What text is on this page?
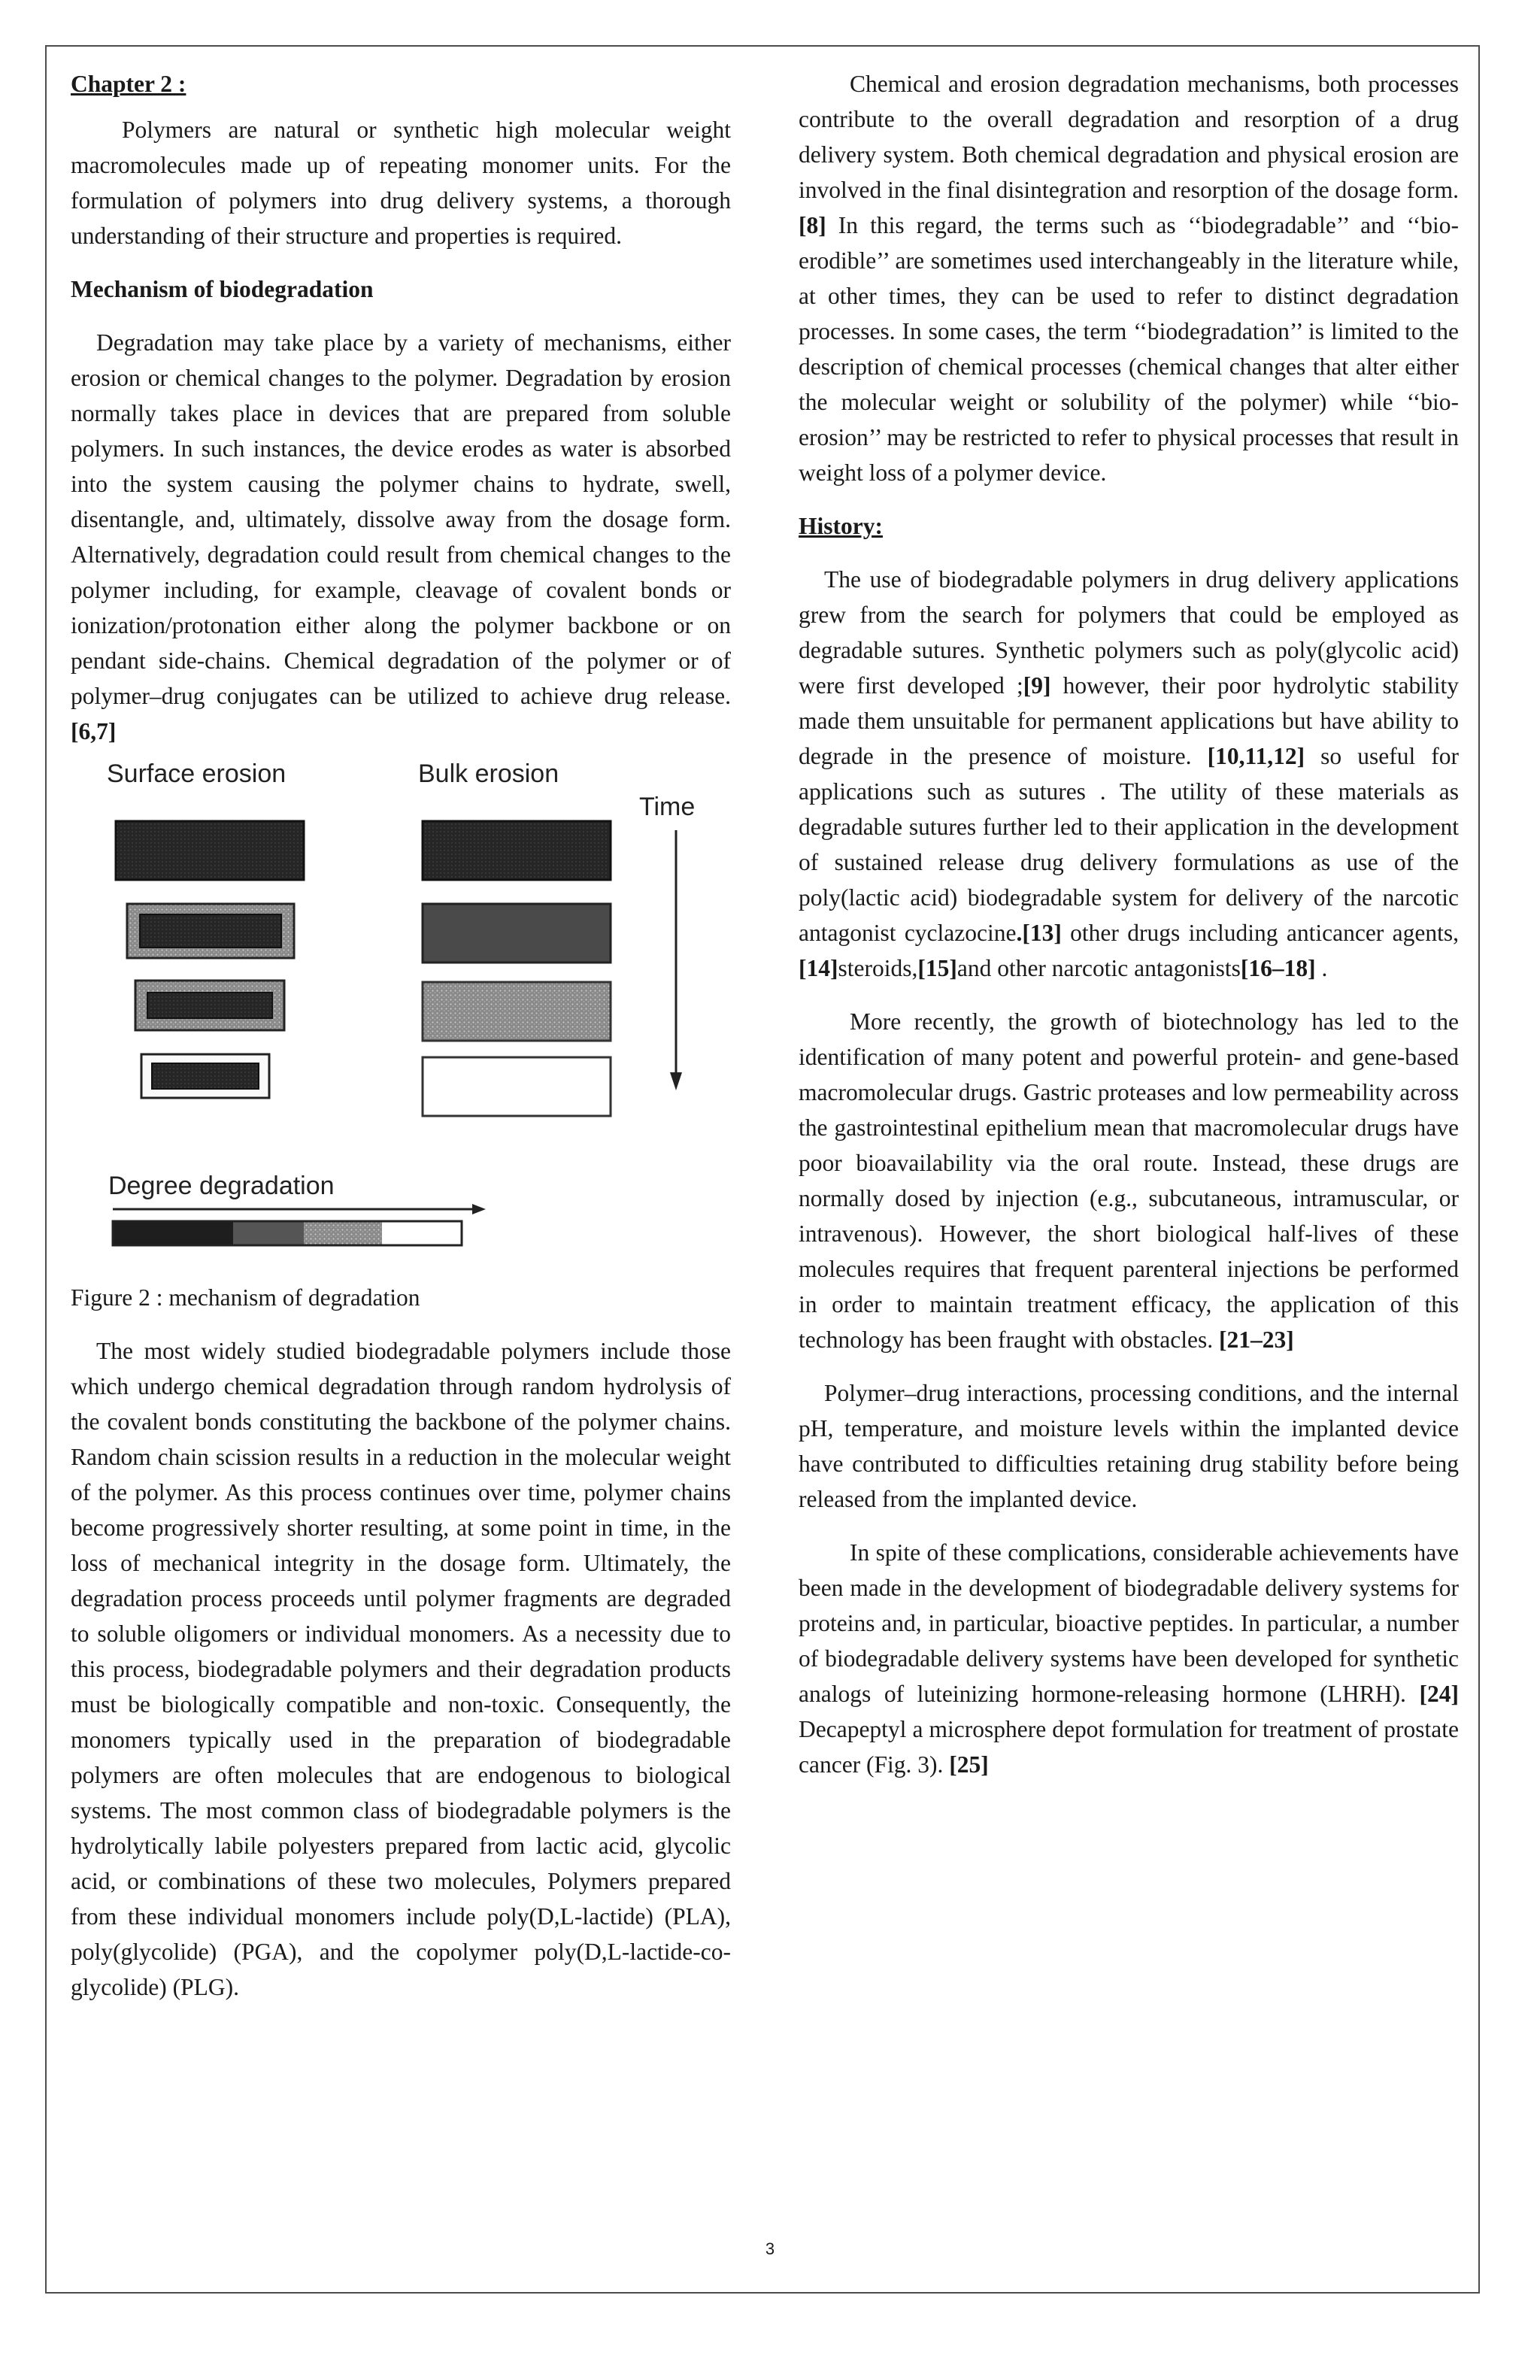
Chapter 2 :

Polymers are natural or synthetic high molecular weight macromolecules made up of repeating monomer units. For the formulation of polymers into drug delivery systems, a thorough understanding of their structure and properties is required.

Mechanism of biodegradation

Degradation may take place by a variety of mechanisms, either erosion or chemical changes to the polymer. Degradation by erosion normally takes place in devices that are prepared from soluble polymers. In such instances, the device erodes as water is absorbed into the system causing the polymer chains to hydrate, swell, disentangle, and, ultimately, dissolve away from the dosage form. Alternatively, degradation could result from chemical changes to the polymer including, for example, cleavage of covalent bonds or ionization/protonation either along the polymer backbone or on pendant side-chains. Chemical degradation of the polymer or of polymer–drug conjugates can be utilized to achieve drug release.[6,7]

Surface erosion	Bulk erosion
Time
Degree degradation

Figure 2 : mechanism of degradation

The most widely studied biodegradable polymers include those which undergo chemical degradation through random hydrolysis of the covalent bonds constituting the backbone of the polymer chains. Random chain scission results in a reduction in the molecular weight of the polymer. As this process continues over time, polymer chains become progressively shorter resulting, at some point in time, in the loss of mechanical integrity in the dosage form. Ultimately, the degradation process proceeds until polymer fragments are degraded to soluble oligomers or individual monomers. As a necessity due to this process, biodegradable polymers and their degradation products must be biologically compatible and non-toxic. Consequently, the monomers typically used in the preparation of biodegradable polymers are often molecules that are endogenous to biological systems. The most common class of biodegradable polymers is the hydrolytically labile polyesters prepared from lactic acid, glycolic acid, or combinations of these two molecules, Polymers prepared from these individual monomers include poly(D,L-lactide) (PLA), poly(glycolide) (PGA), and the copolymer poly(D,L-lactide-co-glycolide) (PLG).

Chemical and erosion degradation mechanisms, both processes contribute to the overall degradation and resorption of a drug delivery system. Both chemical degradation and physical erosion are involved in the final disintegration and resorption of the dosage form.[8] In this regard, the terms such as ‘‘biodegradable’’ and ‘‘bio-erodible’’ are sometimes used interchangeably in the literature while, at other times, they can be used to refer to distinct degradation processes. In some cases, the term ‘‘biodegradation’’ is limited to the description of chemical processes (chemical changes that alter either the molecular weight or solubility of the polymer) while ‘‘bio-erosion’’ may be restricted to refer to physical processes that result in weight loss of a polymer device.

History:

The use of biodegradable polymers in drug delivery applications grew from the search for polymers that could be employed as degradable sutures. Synthetic polymers such as poly(glycolic acid) were first developed ;[9] however, their poor hydrolytic stability made them unsuitable for permanent applications but have ability to degrade in the presence of moisture. [10,11,12] so useful for applications such as sutures . The utility of these materials as degradable sutures further led to their application in the development of sustained release drug delivery formulations as use of the poly(lactic acid) biodegradable system for delivery of the narcotic antagonist cyclazocine.[13] other drugs including anticancer agents,[14]steroids,[15]and other narcotic antagonists[16–18] .

More recently, the growth of biotechnology has led to the identification of many potent and powerful protein- and gene-based macromolecular drugs. Gastric proteases and low permeability across the gastrointestinal epithelium mean that macromolecular drugs have poor bioavailability via the oral route. Instead, these drugs are normally dosed by injection (e.g., subcutaneous, intramuscular, or intravenous). However, the short biological half-lives of these molecules requires that frequent parenteral injections be performed in order to maintain treatment efficacy, the application of this technology has been fraught with obstacles. [21–23]

Polymer–drug interactions, processing conditions, and the internal pH, temperature, and moisture levels within the implanted device have contributed to difficulties retaining drug stability before being released from the implanted device.

In spite of these complications, considerable achievements have been made in the development of biodegradable delivery systems for proteins and, in particular, bioactive peptides. In particular, a number of biodegradable delivery systems have been developed for synthetic analogs of luteinizing hormone-releasing hormone (LHRH). [24] Decapeptyl a microsphere depot formulation for treatment of prostate cancer (Fig. 3). [25]

3
